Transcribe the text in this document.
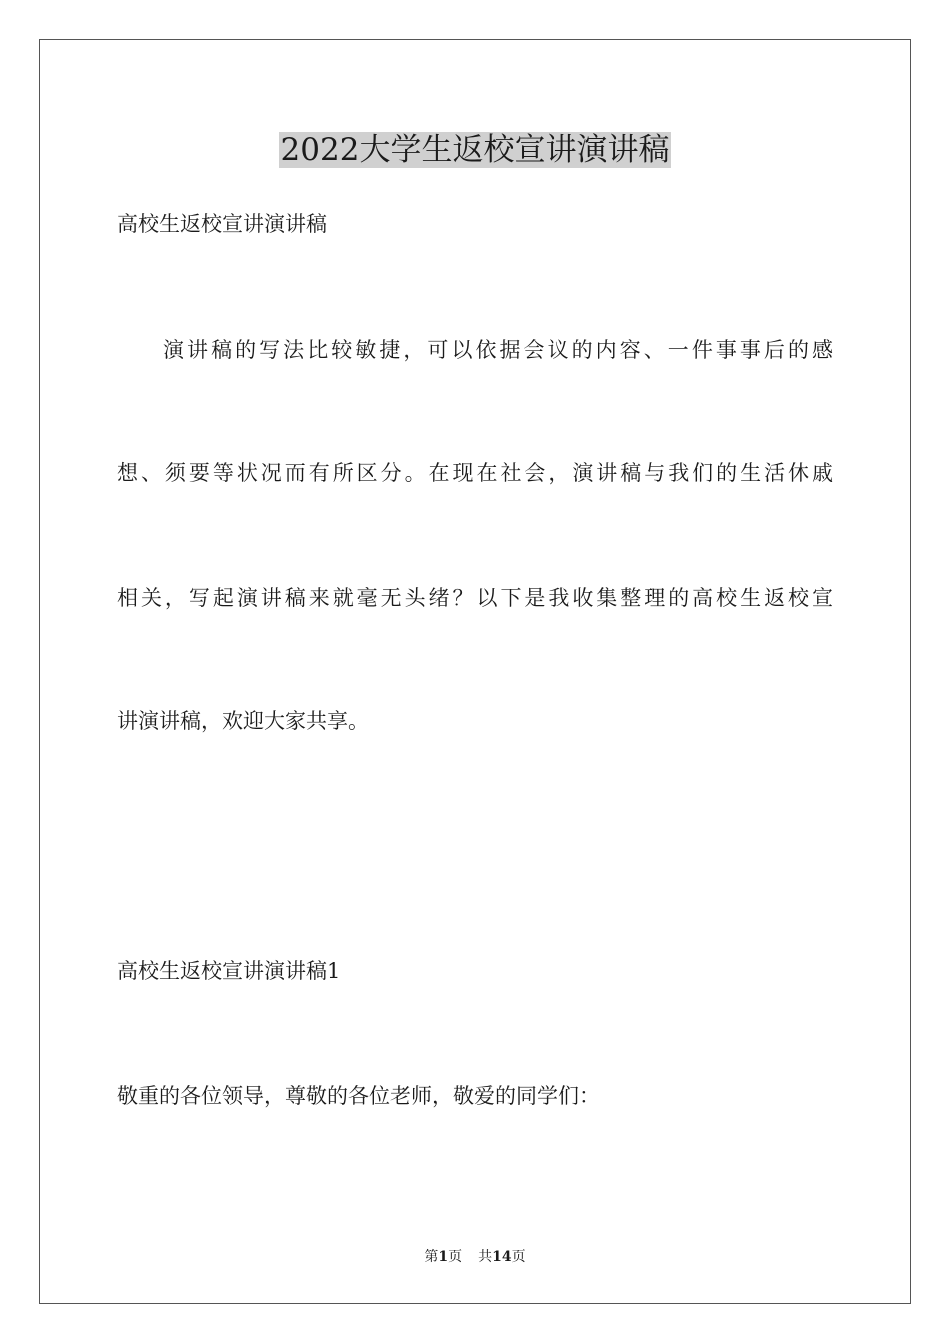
2022大学生返校宣讲演讲稿

高校生返校宣讲演讲稿

演讲稿的写法比较敏捷，可以依据会议的内容、一件事事后的感

想、须要等状况而有所区分。在现在社会，演讲稿与我们的生活休戚

相关，写起演讲稿来就毫无头绪？以下是我收集整理的高校生返校宣

讲演讲稿，欢迎大家共享。

高校生返校宣讲演讲稿1

敬重的各位领导，尊敬的各位老师，敬爱的同学们：

第1页 共14页
